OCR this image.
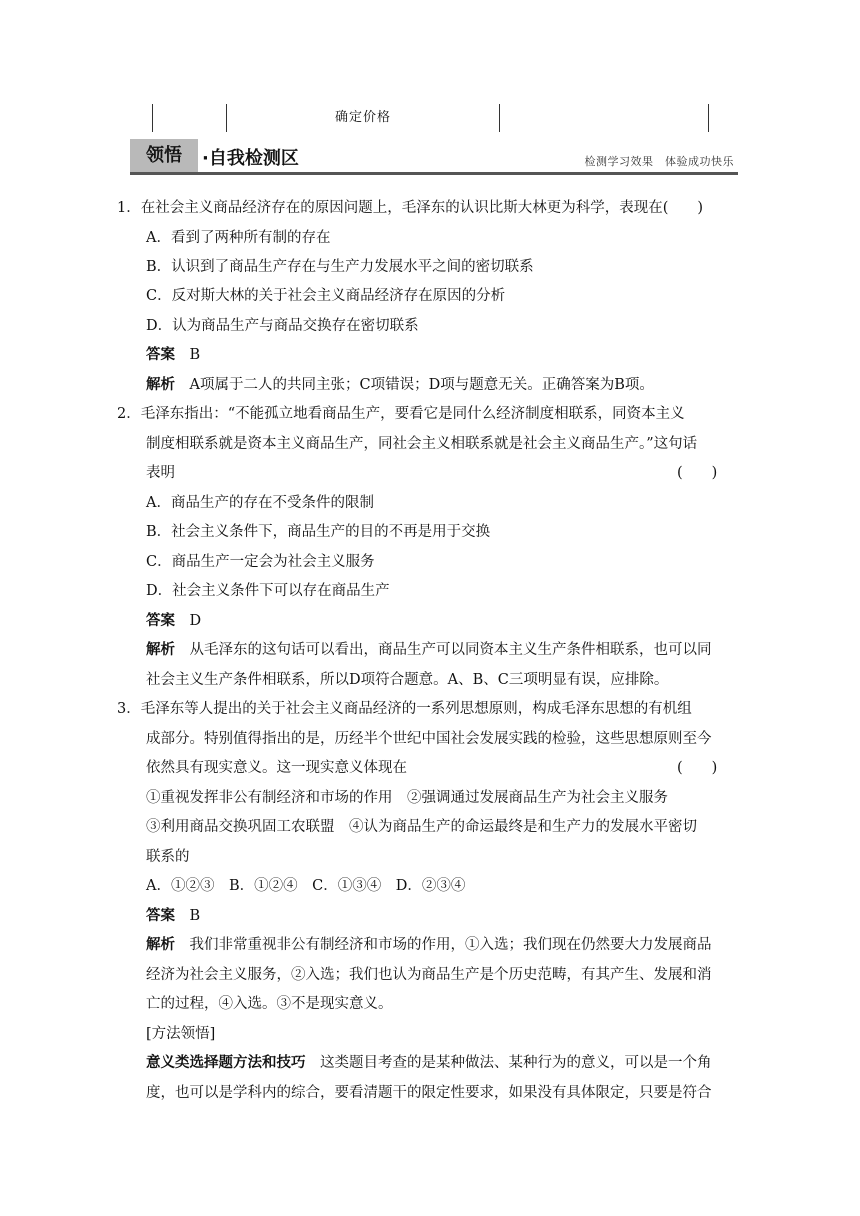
确定价格
领悟	·自我检测区	检测学习效果　体验成功快乐
1．在社会主义商品经济存在的原因问题上，毛泽东的认识比斯大林更为科学，表现在(　　)
A．看到了两种所有制的存在
B．认识到了商品生产存在与生产力发展水平之间的密切联系
C．反对斯大林的关于社会主义商品经济存在原因的分析
D．认为商品生产与商品交换存在密切联系
答案　 B
解析　 A项属于二人的共同主张；C项错误；D项与题意无关。正确答案为B项。
2．毛泽东指出：“不能孤立地看商品生产，要看它是同什么经济制度相联系，同资本主义
制度相联系就是资本主义商品生产，同社会主义相联系就是社会主义商品生产。”这句话
表明	(　　)
A．商品生产的存在不受条件的限制
B．社会主义条件下，商品生产的目的不再是用于交换
C．商品生产一定会为社会主义服务
D．社会主义条件下可以存在商品生产
答案　 D
解析　 从毛泽东的这句话可以看出，商品生产可以同资本主义生产条件相联系，也可以同
社会主义生产条件相联系，所以D项符合题意。A、B、C三项明显有误，应排除。
3．毛泽东等人提出的关于社会主义商品经济的一系列思想原则，构成毛泽东思想的有机组
成部分。特别值得指出的是，历经半个世纪中国社会发展实践的检验，这些思想原则至今
依然具有现实意义。这一现实意义体现在	(　　)
①重视发挥非公有制经济和市场的作用　②强调通过发展商品生产为社会主义服务
③利用商品交换巩固工农联盟　④认为商品生产的命运最终是和生产力的发展水平密切
联系的
A．①②③　B．①②④　C．①③④　D．②③④
答案　 B
解析　 我们非常重视非公有制经济和市场的作用，①入选；我们现在仍然要大力发展商品
经济为社会主义服务，②入选；我们也认为商品生产是个历史范畴，有其产生、发展和消
亡的过程，④入选。③不是现实意义。
[方法领悟]
意义类选择题方法和技巧　 这类题目考查的是某种做法、某种行为的意义，可以是一个角
度，也可以是学科内的综合，要看清题干的限定性要求，如果没有具体限定，只要是符合
